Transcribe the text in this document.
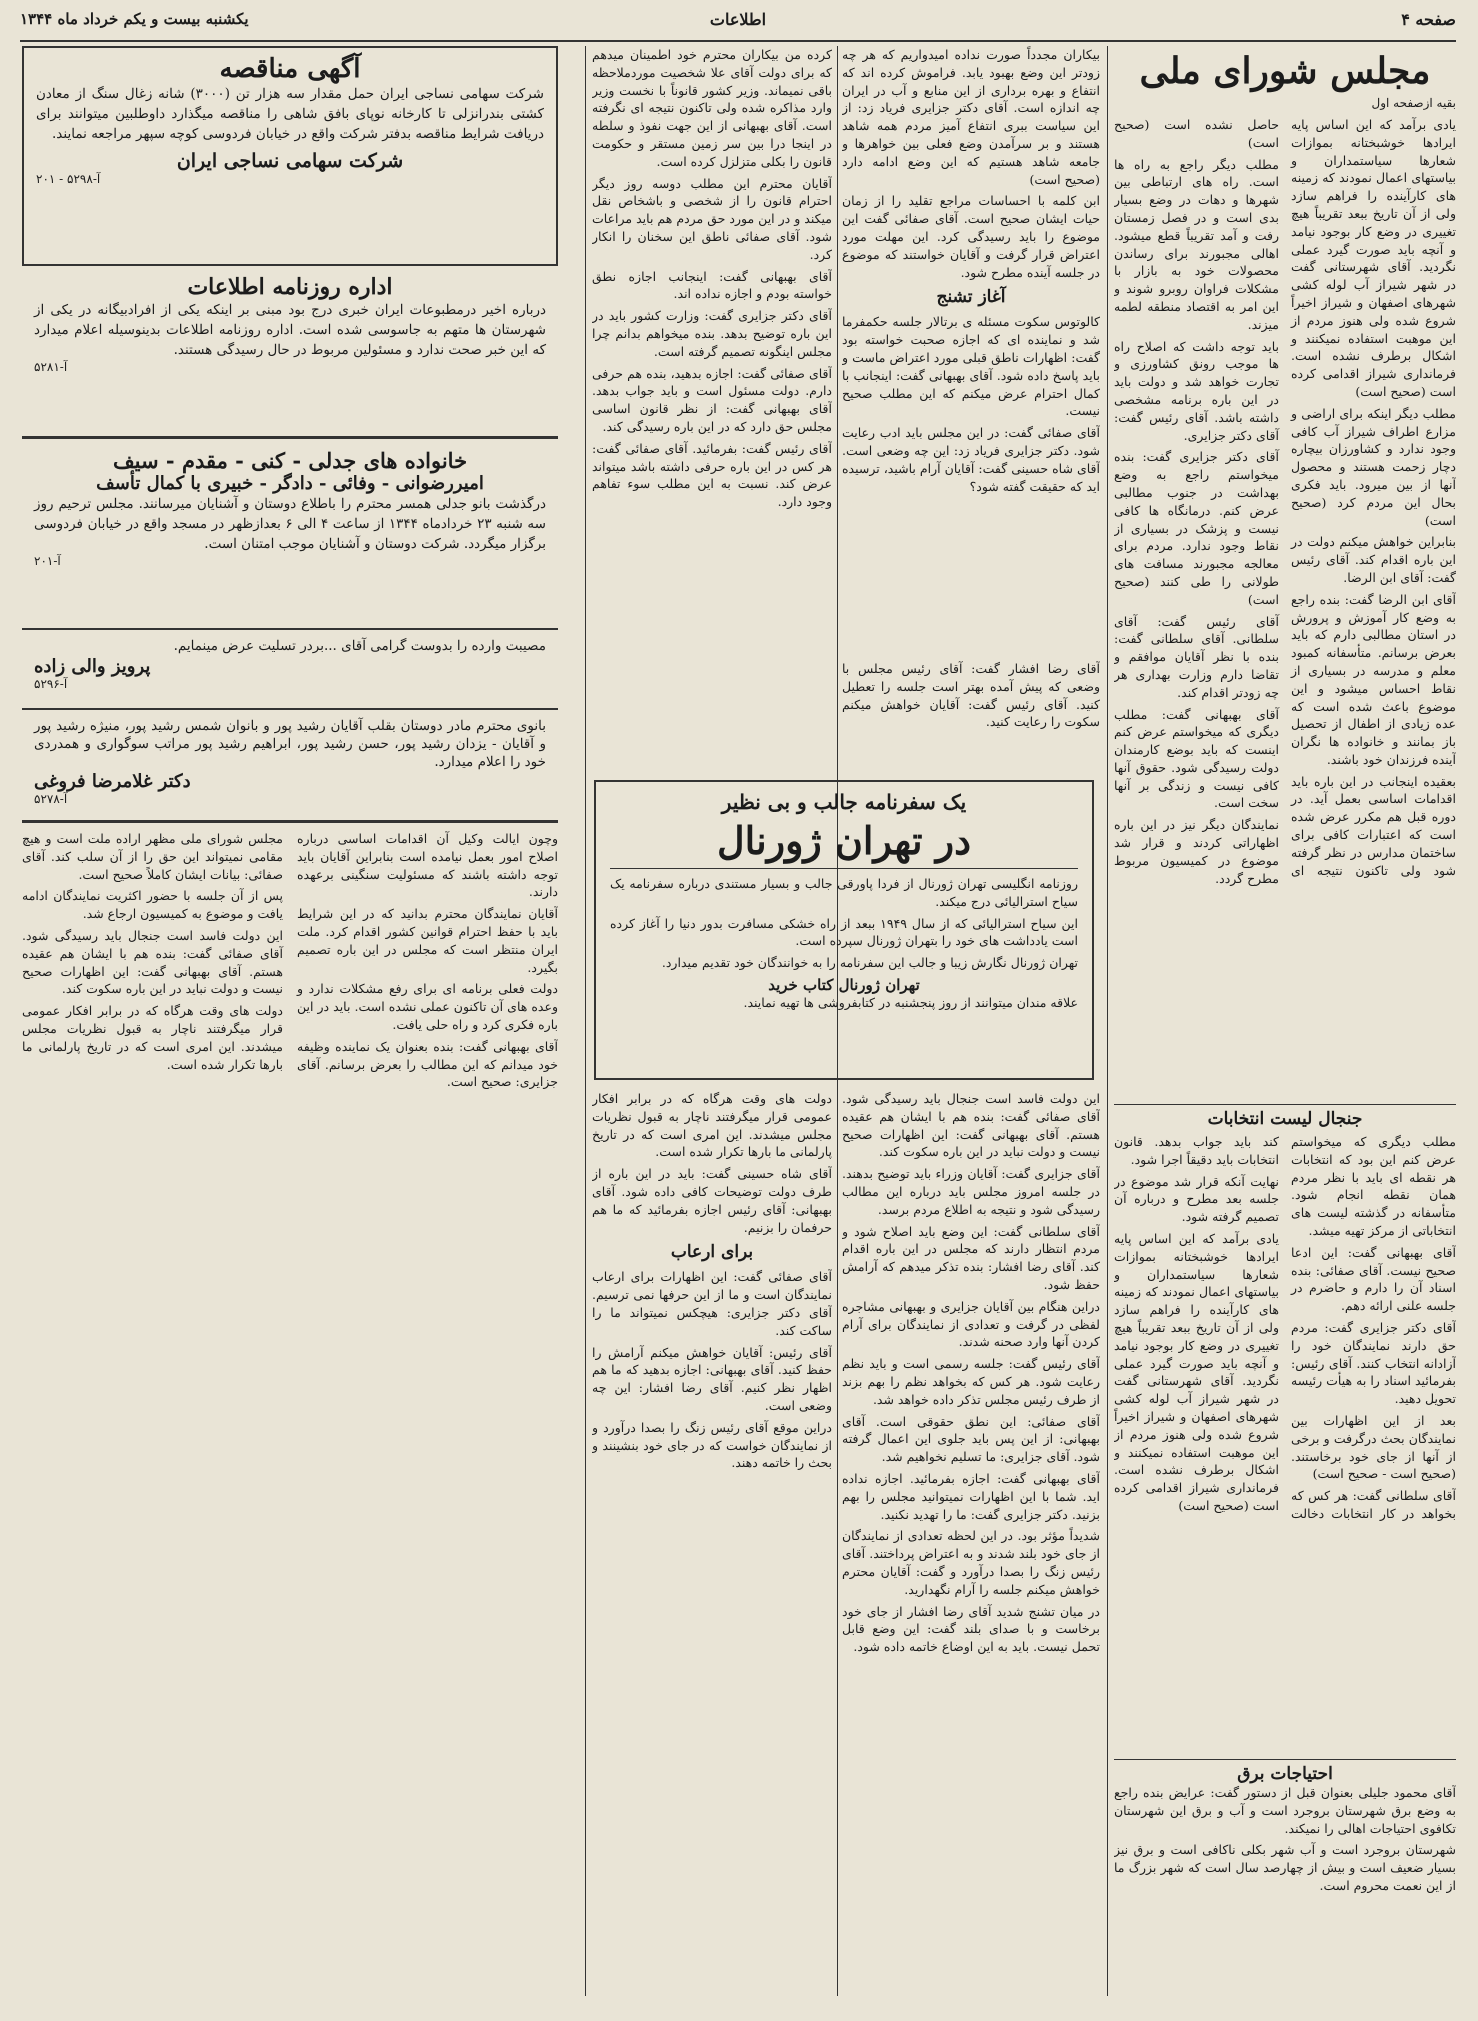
صفحه ۴
اطلاعات
یکشنبه بیست و یکم خرداد ماه ۱۳۴۴
مجلس شورای ملی
بقیه ازصفحه اول

یادی برآمد که این اساس پایه ایرادها خوشبختانه بموازات شعارها سیاستمداران و بیاستهای اعمال نمودند که زمینه های کارآینده را فراهم سازد ولی از آن تاریخ ببعد تقریباً هیچ تغییری در وضع کار بوجود نیامد و آنچه باید صورت گیرد عملی نگردید. آقای شهرستانی گفت در شهر شیراز آب لوله کشی شهرهای اصفهان و شیراز اخیراً شروع شده ولی هنوز مردم از این موهبت استفاده نمیکنند و اشکال برطرف نشده است. فرمانداری شیراز اقدامی کرده است (صحیح است)

مطلب دیگر اینکه برای اراضی و مزارع اطراف شیراز آب کافی وجود ندارد و کشاورزان بیچاره دچار زحمت هستند و محصول آنها از بین میرود. باید فکری بحال این مردم کرد (صحیح است)

بنابراین خواهش میکنم دولت در این باره اقدام کند. آقای رئیس گفت: آقای ابن الرضا.

آقای ابن الرضا گفت: بنده راجع به وضع کار آموزش و پرورش در استان مطالبی دارم که باید بعرض برسانم. متأسفانه کمبود معلم و مدرسه در بسیاری از نقاط احساس میشود و این موضوع باعث شده است که عده زیادی از اطفال از تحصیل باز بمانند و خانواده ها نگران آینده فرزندان خود باشند.

بعقیده اینجانب در این باره باید اقدامات اساسی بعمل آید. در دوره قبل هم مکرر عرض شده است که اعتبارات کافی برای ساختمان مدارس در نظر گرفته شود ولی تاکنون نتیجه ای حاصل نشده است (صحیح است)

مطلب دیگر راجع به راه ها است. راه های ارتباطی بین شهرها و دهات در وضع بسیار بدی است و در فصل زمستان رفت و آمد تقریباً قطع میشود. اهالی مجبورند برای رساندن محصولات خود به بازار با مشکلات فراوان روبرو شوند و این امر به اقتصاد منطقه لطمه میزند.

باید توجه داشت که اصلاح راه ها موجب رونق کشاورزی و تجارت خواهد شد و دولت باید در این باره برنامه مشخصی داشته باشد. آقای رئیس گفت: آقای دکتر جزایری.

آقای دکتر جزایری گفت: بنده میخواستم راجع به وضع بهداشت در جنوب مطالبی عرض کنم. درمانگاه ها کافی نیست و پزشک در بسیاری از نقاط وجود ندارد. مردم برای معالجه مجبورند مسافت های طولانی را طی کنند (صحیح است)

آقای رئیس گفت: آقای سلطانی. آقای سلطانی گفت: بنده با نظر آقایان موافقم و تقاضا دارم وزارت بهداری هر چه زودتر اقدام کند.

آقای بهبهانی گفت: مطلب دیگری که میخواستم عرض کنم اینست که باید بوضع کارمندان دولت رسیدگی شود. حقوق آنها کافی نیست و زندگی بر آنها سخت است.

نمایندگان دیگر نیز در این باره اظهاراتی کردند و قرار شد موضوع در کمیسیون مربوط مطرح گردد.

جنجال لیست انتخابات

مطلب دیگری که میخواستم عرض کنم این بود که انتخابات هر نقطه ای باید با نظر مردم همان نقطه انجام شود. متأسفانه در گذشته لیست های انتخاباتی از مرکز تهیه میشد.

آقای بهبهانی گفت: این ادعا صحیح نیست. آقای صفائی: بنده اسناد آن را دارم و حاضرم در جلسه علنی ارائه دهم.

آقای دکتر جزایری گفت: مردم حق دارند نمایندگان خود را آزادانه انتخاب کنند. آقای رئیس: بفرمائید اسناد را به هیأت رئیسه تحویل دهید.

بعد از این اظهارات بین نمایندگان بحث درگرفت و برخی از آنها از جای خود برخاستند. (صحیح است - صحیح است)

آقای سلطانی گفت: هر کس که بخواهد در کار انتخابات دخالت کند باید جواب بدهد. قانون انتخابات باید دقیقاً اجرا شود.

نهایت آنکه قرار شد موضوع در جلسه بعد مطرح و درباره آن تصمیم گرفته شود.

یادی برآمد که این اساس پایه ایرادها خوشبختانه بموازات شعارها سیاستمداران و بیاستهای اعمال نمودند که زمینه های کارآینده را فراهم سازد ولی از آن تاریخ ببعد تقریباً هیچ تغییری در وضع کار بوجود نیامد و آنچه باید صورت گیرد عملی نگردید. آقای شهرستانی گفت در شهر شیراز آب لوله کشی شهرهای اصفهان و شیراز اخیراً شروع شده ولی هنوز مردم از این موهبت استفاده نمیکنند و اشکال برطرف نشده است. فرمانداری شیراز اقدامی کرده است (صحیح است)

احتیاجات برق

آقای محمود جلیلی بعنوان قبل از دستور گفت: عرایض بنده راجع به وضع برق شهرستان بروجرد است و آب و برق این شهرستان تکافوی احتیاجات اهالی را نمیکند.

شهرستان بروجرد است و آب شهر بکلی ناکافی است و برق نیز بسیار ضعیف است و بیش از چهارصد سال است که شهر بزرگ ما از این نعمت محروم است.

بیکاران مجدداً صورت نداده امیدواریم که هر چه زودتر این وضع بهبود یابد. فراموش کرده اند که انتفاع و بهره برداری از این منابع و آب در ایران چه اندازه است. آقای دکتر جزایری فریاد زد: از این سیاست ببری انتفاع آمیز مردم همه شاهد هستند و بر سرآمدن وضع فعلی بین خواهرها و جامعه شاهد هستیم که این وضع ادامه دارد (صحیح است)

ابن کلمه با احساسات مراجع تقلید را از زمان حیات ایشان صحیح است. آقای صفائی گفت این موضوع را باید رسیدگی کرد. این مهلت مورد اعتراض قرار گرفت و آقایان خواستند که موضوع در جلسه آینده مطرح شود.

آغاز تشنج

کالوتوس سکوت مسئله ی برتالار جلسه حکمفرما شد و نماینده ای که اجازه صحبت خواسته بود گفت: اظهارات ناطق قبلی مورد اعتراض ماست و باید پاسخ داده شود. آقای بهبهانی گفت: اینجانب با کمال احترام عرض میکنم که این مطلب صحیح نیست.

آقای صفائی گفت: در این مجلس باید ادب رعایت شود. دکتر جزایری فریاد زد: این چه وضعی است. آقای شاه حسینی گفت: آقایان آرام باشید، ترسیده اید که حقیقت گفته شود؟

کرده من بیکاران محترم خود اطمینان میدهم که برای دولت آقای علا شخصیت موردملاحظه باقی نمیماند. وزیر کشور قانوناً با نخست وزیر وارد مذاکره شده ولی تاکنون نتیجه ای نگرفته است. آقای بهبهانی از این جهت نفوذ و سلطه در اینجا درا بین سر زمین مستقر و حکومت قانون را بکلی متزلزل کرده است.

آقایان محترم این مطلب دوسه روز دیگر احترام قانون را از شخصی و باشخاص نقل میکند و در این مورد حق مردم هم باید مراعات شود. آقای صفائی ناطق این سخنان را انکار کرد.

آقای بهبهانی گفت: اینجانب اجازه نطق خواسته بودم و اجازه نداده اند.

آقای دکتر جزایری گفت: وزارت کشور باید در این باره توضیح بدهد. بنده میخواهم بدانم چرا مجلس اینگونه تصمیم گرفته است.

آقای صفائی گفت: اجازه بدهید، بنده هم حرفی دارم. دولت مسئول است و باید جواب بدهد. آقای بهبهانی گفت: از نظر قانون اساسی مجلس حق دارد که در این باره رسیدگی کند.

آقای رئیس گفت: بفرمائید. آقای صفائی گفت: هر کس در این باره حرفی داشته باشد میتواند عرض کند. نسبت به این مطلب سوء تفاهم وجود دارد.

آقای رضا افشار گفت: آقای رئیس مجلس با وضعی که پیش آمده بهتر است جلسه را تعطیل کنید. آقای رئیس گفت: آقایان خواهش میکنم سکوت را رعایت کنید.

یک سفرنامه جالب و بی نظیر
در تهران ژورنال

روزنامه انگلیسی تهران ژورنال از فردا پاورقی جالب و بسیار مستندی درباره سفرنامه یک سیاح استرالیائی درج میکند.

این سیاح استرالیائی که از سال ۱۹۴۹ ببعد از راه خشکی مسافرت بدور دنیا را آغاز کرده است یادداشت های خود را بتهران ژورنال سپرده است.

تهران ژورنال نگارش زیبا و جالب این سفرنامه را به خوانندگان خود تقدیم میدارد.

تهران ژورنال کتاب خرید

علاقه مندان میتوانند از روز پنجشنبه در کتابفروشی ها تهیه نمایند.

این دولت فاسد است جنجال باید رسیدگی شود. آقای صفائی گفت: بنده هم با ایشان هم عقیده هستم. آقای بهبهانی گفت: این اظهارات صحیح نیست و دولت نباید در این باره سکوت کند.

آقای جزایری گفت: آقایان وزراء باید توضیح بدهند. در جلسه امروز مجلس باید درباره این مطالب رسیدگی شود و نتیجه به اطلاع مردم برسد.

آقای سلطانی گفت: این وضع باید اصلاح شود و مردم انتظار دارند که مجلس در این باره اقدام کند. آقای رضا افشار: بنده تذکر میدهم که آرامش حفظ شود.

دراین هنگام بین آقایان جزایری و بهبهانی مشاجره لفظی در گرفت و تعدادی از نمایندگان برای آرام کردن آنها وارد صحنه شدند.

آقای رئیس گفت: جلسه رسمی است و باید نظم رعایت شود. هر کس که بخواهد نظم را بهم بزند از طرف رئیس مجلس تذکر داده خواهد شد.

آقای صفائی: این نطق حقوقی است. آقای بهبهانی: از این پس باید جلوی این اعمال گرفته شود. آقای جزایری: ما تسلیم نخواهیم شد.

آقای بهبهانی گفت: اجازه بفرمائید. اجازه نداده اید. شما با این اظهارات نمیتوانید مجلس را بهم بزنید. دکتر جزایری گفت: ما را تهدید نکنید.

شدیداً مؤثر بود. در این لحظه تعدادی از نمایندگان از جای خود بلند شدند و به اعتراض پرداختند. آقای رئیس زنگ را بصدا درآورد و گفت: آقایان محترم خواهش میکنم جلسه را آرام نگهدارید.

در میان تشنج شدید آقای رضا افشار از جای خود برخاست و با صدای بلند گفت: این وضع قابل تحمل نیست. باید به این اوضاع خاتمه داده شود.

دولت های وقت هرگاه که در برابر افکار عمومی قرار میگرفتند ناچار به قبول نظریات مجلس میشدند. این امری است که در تاریخ پارلمانی ما بارها تکرار شده است.

آقای شاه حسینی گفت: باید در این باره از طرف دولت توضیحات کافی داده شود. آقای بهبهانی: آقای رئیس اجازه بفرمائید که ما هم حرفمان را بزنیم.

برای ارعاب

آقای صفائی گفت: این اظهارات برای ارعاب نمایندگان است و ما از این حرفها نمی ترسیم. آقای دکتر جزایری: هیچکس نمیتواند ما را ساکت کند.

آقای رئیس: آقایان خواهش میکنم آرامش را حفظ کنید. آقای بهبهانی: اجازه بدهید که ما هم اظهار نظر کنیم. آقای رضا افشار: این چه وضعی است.

دراین موقع آقای رئیس زنگ را بصدا درآورد و از نمایندگان خواست که در جای خود بنشینند و بحث را خاتمه دهند.

آگهی مناقصه

شرکت سهامی نساجی ایران حمل مقدار سه هزار تن (۳۰۰۰) شانه زغال سنگ از معادن کشتی بندرانزلی تا کارخانه نوپای بافق شاهی را مناقصه میگذارد داوطلبین میتوانند برای دریافت شرایط مناقصه بدفتر شرکت واقع در خیابان فردوسی کوچه سپهر مراجعه نمایند.

شرکت سهامی نساجی ایران
آ-۵۲۹۸ - ۲۰۱
اداره روزنامه اطلاعات

درباره اخیر درمطبوعات ایران خبری درج بود مبنی بر اینکه یکی از افرادبیگانه در یکی از شهرستان ها متهم به جاسوسی شده است. اداره روزنامه اطلاعات بدینوسیله اعلام میدارد که این خبر صحت ندارد و مسئولین مربوط در حال رسیدگی هستند.

آ-۵۲۸۱
خانواده های جدلی - کنی - مقدم - سیف
امیررضوانی - وفائی - دادگر - خبیری با کمال تأسف

درگذشت بانو جدلی همسر محترم را باطلاع دوستان و آشنایان میرسانند. مجلس ترحیم روز سه شنبه ۲۳ خردادماه ۱۳۴۴ از ساعت ۴ الی ۶ بعدازظهر در مسجد واقع در خیابان فردوسی برگزار میگردد. شرکت دوستان و آشنایان موجب امتنان است.

آ-۲۰۱

مصیبت وارده را بدوست گرامی آقای ...بردر تسلیت عرض مینمایم.

پرویز والی زاده
آ-۵۲۹۶

بانوی محترم مادر دوستان بقلب آقایان رشید پور و بانوان شمس رشید پور، منیژه رشید پور و آقایان - یزدان رشید پور، حسن رشید پور، ابراهیم رشید پور مراتب سوگواری و همدردی خود را اعلام میدارد.

دکتر غلامرضا فروغی
آ-۵۲۷۸

وچون ایالت وکیل آن اقدامات اساسی درباره اصلاح امور بعمل نیامده است بنابراین آقایان باید توجه داشته باشند که مسئولیت سنگینی برعهده دارند.

آقایان نمایندگان محترم بدانید که در این شرایط باید با حفظ احترام قوانین کشور اقدام کرد. ملت ایران منتظر است که مجلس در این باره تصمیم بگیرد.

دولت فعلی برنامه ای برای رفع مشکلات ندارد و وعده های آن تاکنون عملی نشده است. باید در این باره فکری کرد و راه حلی یافت.

آقای بهبهانی گفت: بنده بعنوان یک نماینده وظیفه خود میدانم که این مطالب را بعرض برسانم. آقای جزایری: صحیح است.

مجلس شورای ملی مظهر اراده ملت است و هیچ مقامی نمیتواند این حق را از آن سلب کند. آقای صفائی: بیانات ایشان کاملاً صحیح است.

پس از آن جلسه با حضور اکثریت نمایندگان ادامه یافت و موضوع به کمیسیون ارجاع شد.

این دولت فاسد است جنجال باید رسیدگی شود. آقای صفائی گفت: بنده هم با ایشان هم عقیده هستم. آقای بهبهانی گفت: این اظهارات صحیح نیست و دولت نباید در این باره سکوت کند.

دولت های وقت هرگاه که در برابر افکار عمومی قرار میگرفتند ناچار به قبول نظریات مجلس میشدند. این امری است که در تاریخ پارلمانی ما بارها تکرار شده است.
